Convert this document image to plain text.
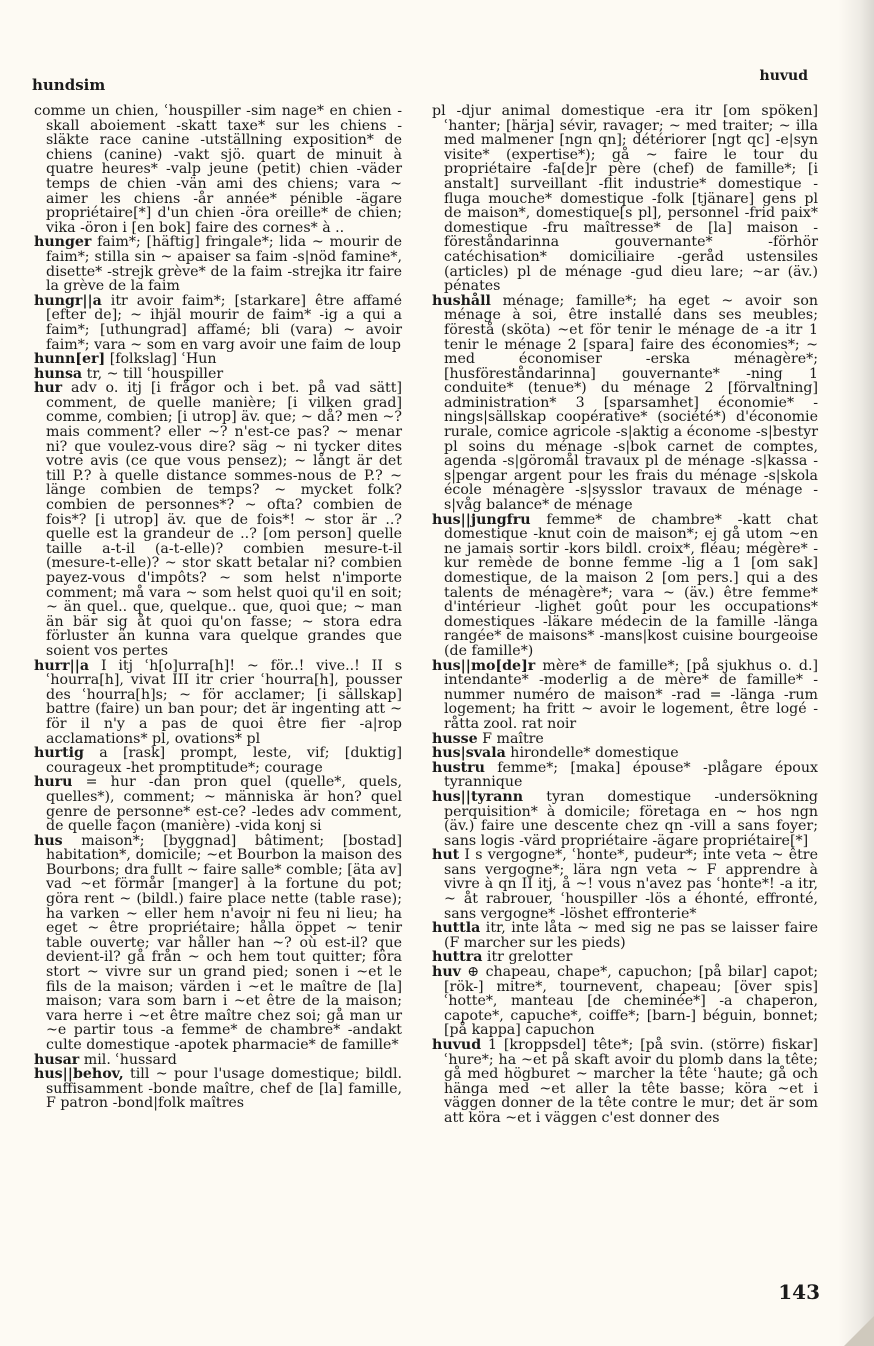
hundsim	huvud
comme un chien, ʿhouspiller -sim nage* en chien -skall aboiement -skatt taxe* sur les chiens -släkte race canine -utställning exposition* de chiens (canine) -vakt sjö. quart de minuit à quatre heures* -valp jeune (petit) chien -väder temps de chien -vän ami des chiens; vara ~ aimer les chiens -år année* pénible -ägare propriétaire[*] d'un chien -öra oreille* de chien; vika -öron i [en bok] faire des cornes* à ..
hunger faim*; [häftig] fringale*; lida ~ mourir de faim*; stilla sin ~ apaiser sa faim -s|nöd famine*, disette* -strejk grève* de la faim -strejka itr faire la grève de la faim
hungr||a itr avoir faim*; [starkare] être affamé [efter de]; ~ ihjäl mourir de faim* -ig a qui a faim*; [uthungrad] affamé; bli (vara) ~ avoir faim*; vara ~ som en varg avoir une faim de loup
hunn[er] [folkslag] ʿHun
hunsa tr, ~ till ʿhouspiller
hur adv o. itj [i frågor och i bet. på vad sätt] comment, de quelle manière; [i vilken grad] comme, combien; [i utrop] äv. que; ~ då? men ~? mais comment? eller ~? n'est-ce pas? ~ menar ni? que voulez-vous dire? säg ~ ni tycker dites votre avis (ce que vous pensez); ~ långt är det till P.? à quelle distance sommes-nous de P.? ~ länge combien de temps? ~ mycket folk? combien de personnes*? ~ ofta? combien de fois*? [i utrop] äv. que de fois*! ~ stor är ..? quelle est la grandeur de ..? [om person] quelle taille a-t-il (a-t-elle)? combien mesure-t-il (mesure-t-elle)? ~ stor skatt betalar ni? combien payez-vous d'impôts? ~ som helst n'importe comment; må vara ~ som helst quoi qu'il en soit; ~ än quel.. que, quelque.. que, quoi que; ~ man än bär sig åt quoi qu'on fasse; ~ stora edra förluster än kunna vara quelque grandes que soient vos pertes
hurr||a I itj ʿh[o]urra[h]! ~ för..! vive..! II s ʿhourra[h], vivat III itr crier ʿhourra[h], pousser des ʿhourra[h]s; ~ för acclamer; [i sällskap] battre (faire) un ban pour; det är ingenting att ~ för il n'y a pas de quoi être fier -a|rop acclamations* pl, ovations* pl
hurtig a [rask] prompt, leste, vif; [duktig] courageux -het promptitude*; courage
huru = hur -dan pron quel (quelle*, quels, quelles*), comment; ~ människa är hon? quel genre de personne* est-ce? -ledes adv comment, de quelle façon (manière) -vida konj si
hus maison*; [byggnad] bâtiment; [bostad] habitation*, domicile; ~et Bourbon la maison des Bourbons; dra fullt ~ faire salle* comble; [äta av] vad ~et förmår [manger] à la fortune du pot; göra rent ~ (bildl.) faire place nette (table rase); ha varken ~ eller hem n'avoir ni feu ni lieu; ha eget ~ être propriétaire; hålla öppet ~ tenir table ouverte; var håller han ~? où est-il? que devient-il? gå från ~ och hem tout quitter; föra stort ~ vivre sur un grand pied; sonen i ~et le fils de la maison; värden i ~et le maître de [la] maison; vara som barn i ~et être de la maison; vara herre i ~et être maître chez soi; gå man ur ~e partir tous -a femme* de chambre* -andakt culte domestique -apotek pharmacie* de famille*
husar mil. ʿhussard
hus||behov, till ~ pour l'usage domestique; bildl. suffisamment -bonde maître, chef de [la] famille, F patron -bond|folk maîtres
pl -djur animal domestique -era itr [om spöken] ʿhanter; [härja] sévir, ravager; ~ med traiter; ~ illa med malmener [ngn qn]; détériorer [ngt qc] -e|syn visite* (expertise*); gå ~ faire le tour du propriétaire -fa[de]r père (chef) de famille*; [i anstalt] surveillant -flit industrie* domestique -fluga mouche* domestique -folk [tjänare] gens pl de maison*, domestique[s pl], personnel -frid paix* domestique -fru maîtresse* de [la] maison -föreståndarinna gouvernante* -förhör catéchisation* domiciliaire -geråd ustensiles (articles) pl de ménage -gud dieu lare; ~ar (äv.) pénates
hushåll ménage; famille*; ha eget ~ avoir son ménage à soi, être installé dans ses meubles; förestå (sköta) ~et för tenir le ménage de -a itr 1 tenir le ménage 2 [spara] faire des économies*; ~ med économiser -erska ménagère*; [husföreståndarinna] gouvernante* -ning 1 conduite* (tenue*) du ménage 2 [förvaltning] administration* 3 [sparsamhet] économie* -nings|sällskap coopérative* (société*) d'économie rurale, comice agricole -s|aktig a économe -s|bestyr pl soins du ménage -s|bok carnet de comptes, agenda -s|göromål travaux pl de ménage -s|kassa -s|pengar argent pour les frais du ménage -s|skola école ménagère -s|sysslor travaux de ménage -s|våg balance* de ménage
hus||jungfru femme* de chambre* -katt chat domestique -knut coin de maison*; ej gå utom ~en ne jamais sortir -kors bildl. croix*, fléau; mégère* -kur remède de bonne femme -lig a 1 [om sak] domestique, de la maison 2 [om pers.] qui a des talents de ménagère*; vara ~ (äv.) être femme* d'intérieur -lighet goût pour les occupations* domestiques -läkare médecin de la famille -länga rangée* de maisons* -mans|kost cuisine bourgeoise (de famille*)
hus||mo[de]r mère* de famille*; [på sjukhus o. d.] intendante* -moderlig a de mère* de famille* -nummer numéro de maison* -rad = -länga -rum logement; ha fritt ~ avoir le logement, être logé -råtta zool. rat noir
husse F maître
hus|svala hirondelle* domestique
hustru femme*; [maka] épouse* -plågare époux tyrannique
hus||tyrann tyran domestique -undersökning perquisition* à domicile; företaga en ~ hos ngn (äv.) faire une descente chez qn -vill a sans foyer; sans logis -värd propriétaire -ägare propriétaire[*]
hut I s vergogne*, ʿhonte*, pudeur*; inte veta ~ être sans vergogne*; lära ngn veta ~ F apprendre à vivre à qn II itj, å ~! vous n'avez pas ʿhonte*! -a itr, ~ åt rabrouer, ʿhouspiller -lös a éhonté, effronté, sans vergogne* -löshet effronterie*
huttla itr, inte låta ~ med sig ne pas se laisser faire (F marcher sur les pieds)
huttra itr grelotter
huv ⊕ chapeau, chape*, capuchon; [på bilar] capot; [rök-] mitre*, tournevent, chapeau; [över spis] ʿhotte*, manteau [de cheminée*] -a chaperon, capote*, capuche*, coiffe*; [barn-] béguin, bonnet; [på kappa] capuchon
huvud 1 [kroppsdel] tête*; [på svin. (större) fiskar] ʿhure*; ha ~et på skaft avoir du plomb dans la tête; gå med högburet ~ marcher la tête ʿhaute; gå och hänga med ~et aller la tête basse; köra ~et i väggen donner de la tête contre le mur; det är som att köra ~et i väggen c'est donner des
143
